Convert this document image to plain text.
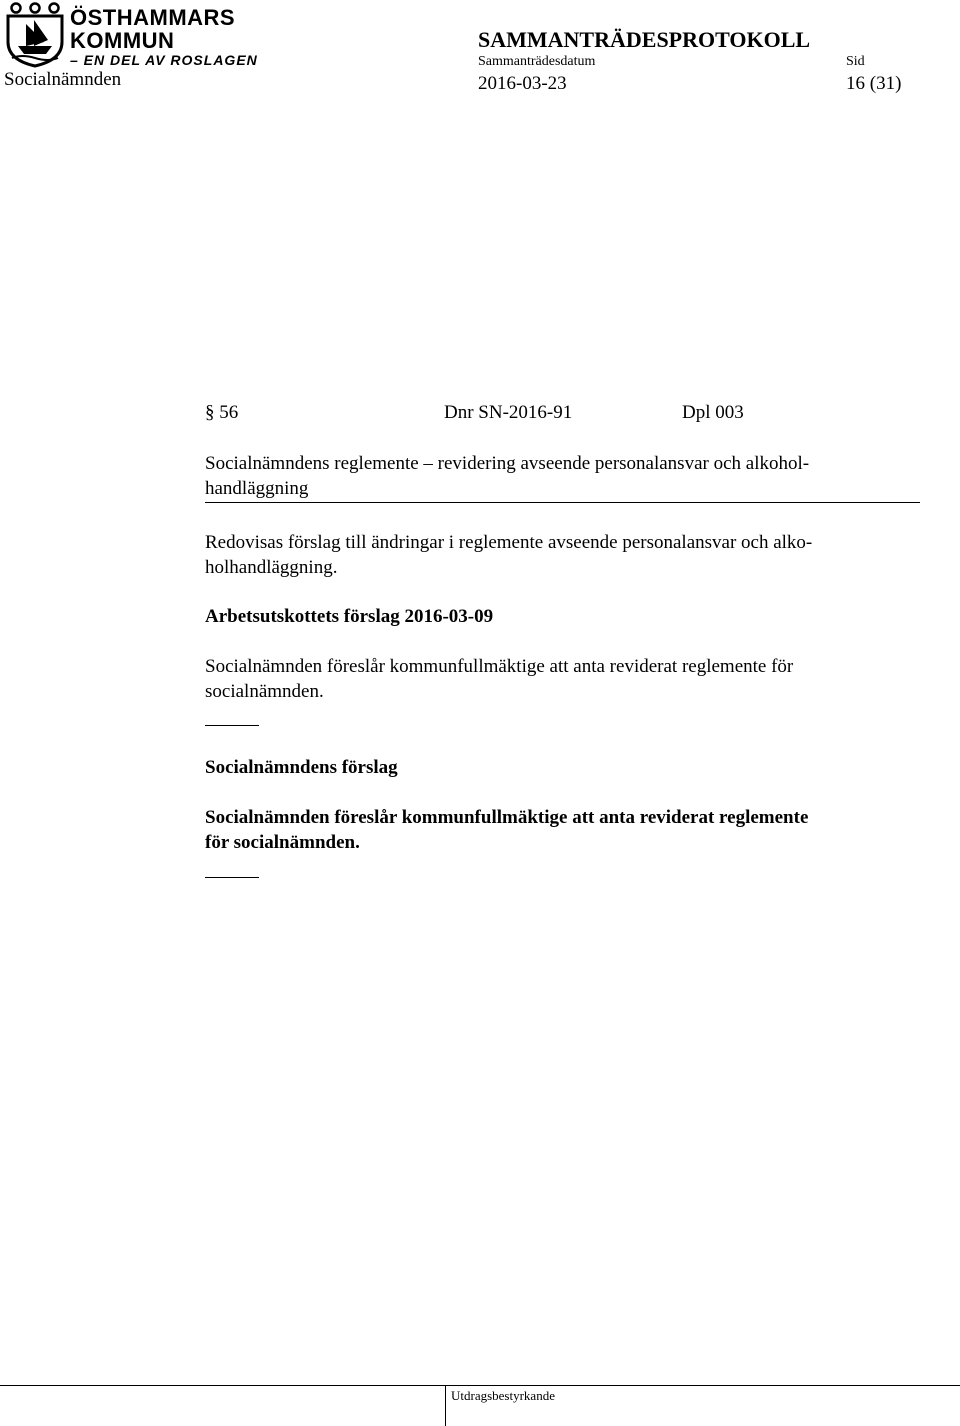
ÖSTHAMMARS
KOMMUN
– EN DEL AV ROSLAGEN
SAMMANTRÄDESPROTOKOLL
Sammanträdesdatum	Sid
Socialnämnden	2016-03-23	16 (31)
§ 56	Dnr SN-2016-91	Dpl 003
Socialnämndens reglemente – revidering avseende personalansvar och alkohol-
handläggning
Redovisas förslag till ändringar i reglemente avseende personalansvar och alko-
holhandläggning.
Arbetsutskottets förslag 2016-03-09
Socialnämnden föreslår kommunfullmäktige att anta reviderat reglemente för
socialnämnden.
Socialnämndens förslag
Socialnämnden föreslår kommunfullmäktige att anta reviderat reglemente
för socialnämnden.
Utdragsbestyrkande
